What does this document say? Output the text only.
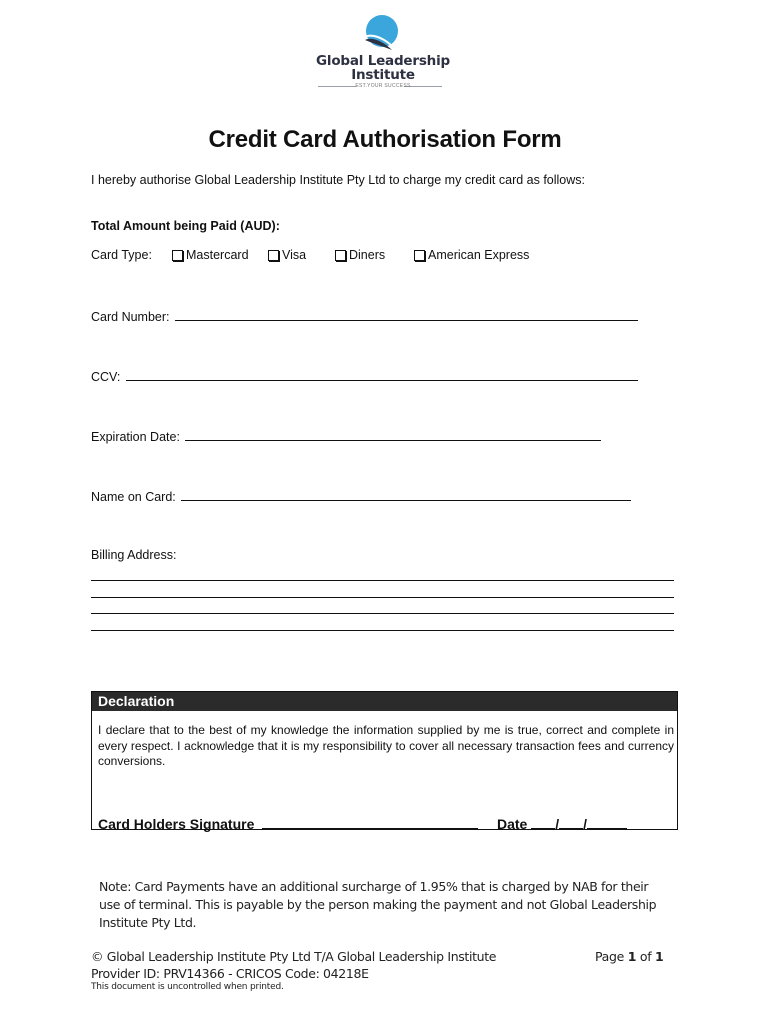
Global Leadership
Institute
EST.YOUR SUCCESS
Credit Card Authorisation Form
I hereby authorise Global Leadership Institute Pty Ltd to charge my credit card as follows:
Total Amount being Paid (AUD):
Card Type:	Mastercard	Visa	Diners	American Express
Card Number:
CCV:
Expiration Date:
Name on Card:
Billing Address:
Declaration
I declare that to the best of my knowledge the information supplied by me is true, correct and complete in every respect. I acknowledge that it is my responsibility to cover all necessary transaction fees and currency conversions.
Card Holders Signature	Date / /
Note: Card Payments have an additional surcharge of 1.95% that is charged by NAB for their use of terminal. This is payable by the person making the payment and not Global Leadership Institute Pty Ltd.
© Global Leadership Institute Pty Ltd T/A Global Leadership Institute
Provider ID: PRV14366 - CRICOS Code: 04218E
Page 1 of 1
This document is uncontrolled when printed.
